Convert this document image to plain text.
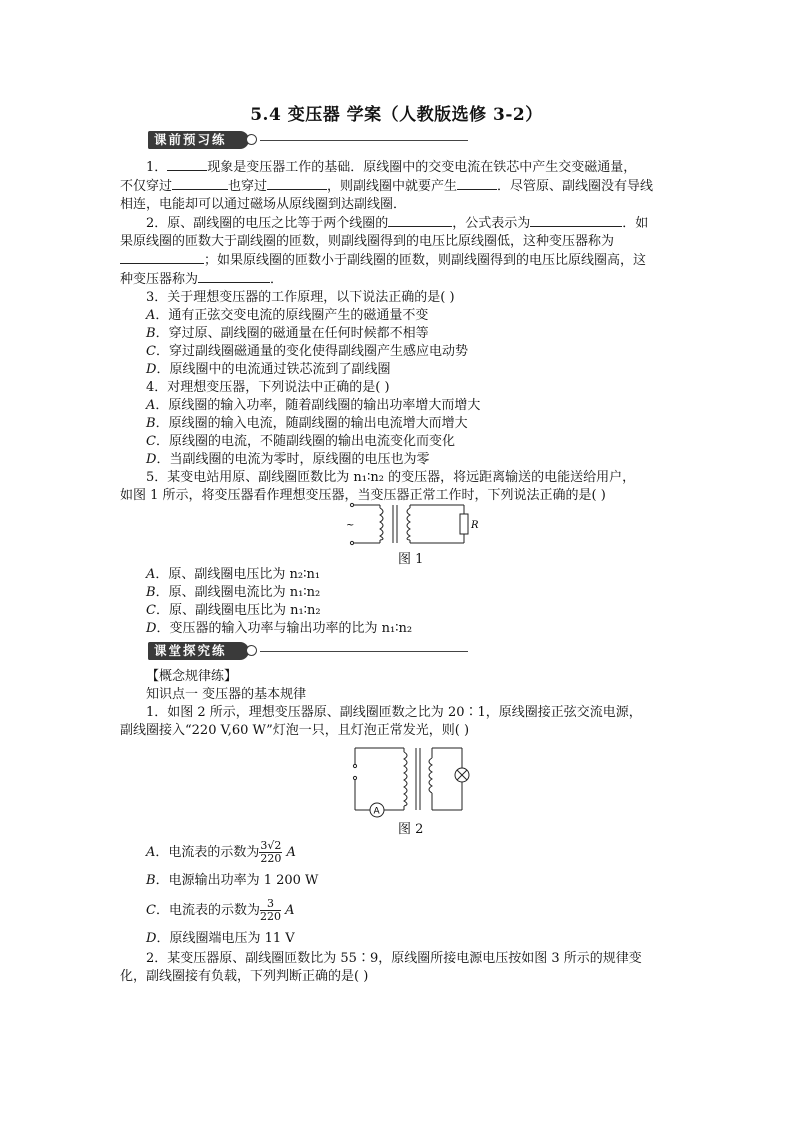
5.4 变压器 学案（人教版选修 3-2）
课前预习练

1．	现象是变压器工作的基础．原线圈中的交变电流在铁芯中产生交变磁通量，

不仅穿过	也穿过	，则副线圈中就要产生	．尽管原、副线圈没有导线

相连，电能却可以通过磁场从原线圈到达副线圈．

2．原、副线圈的电压之比等于两个线圈的	，公式表示为	．如

果原线圈的匝数大于副线圈的匝数，则副线圈得到的电压比原线圈低，这种变压器称为

；如果原线圈的匝数小于副线圈的匝数，则副线圈得到的电压比原线圈高，这

种变压器称为	．

3．关于理想变压器的工作原理，以下说法正确的是( )

A．通有正弦交变电流的原线圈产生的磁通量不变

B．穿过原、副线圈的磁通量在任何时候都不相等

C．穿过副线圈磁通量的变化使得副线圈产生感应电动势

D．原线圈中的电流通过铁芯流到了副线圈

4．对理想变压器，下列说法中正确的是( )

A．原线圈的输入功率，随着副线圈的输出功率增大而增大

B．原线圈的输入电流，随副线圈的输出电流增大而增大

C．原线圈的电流，不随副线圈的输出电流变化而变化

D．当副线圈的电流为零时，原线圈的电压也为零

5．某变电站用原、副线圈匝数比为 n₁∶n₂ 的变压器，将远距离输送的电能送给用户，

如图 1 所示，将变压器看作理想变压器，当变压器正常工作时，下列说法正确的是( )

~	R
图 1

A．原、副线圈电压比为 n₂∶n₁

B．原、副线圈电流比为 n₁∶n₂

C．原、副线圈电压比为 n₁∶n₂

D．变压器的输入功率与输出功率的比为 n₁∶n₂

课堂探究练

【概念规律练】

知识点一 变压器的基本规律

1．如图 2 所示，理想变压器原、副线圈匝数之比为 20∶1，原线圈接正弦交流电源，

副线圈接入“220 V,60 W”灯泡一只，且灯泡正常发光，则( )

A
图 2

A．电流表的示数为 $\frac{3√2}{220}$ A

B．电源输出功率为 1 200 W

C．电流表的示数为 $\frac{3}{220}$ A

D．原线圈端电压为 11 V

2．某变压器原、副线圈匝数比为 55∶9，原线圈所接电源电压按如图 3 所示的规律变

化，副线圈接有负载，下列判断正确的是( )
